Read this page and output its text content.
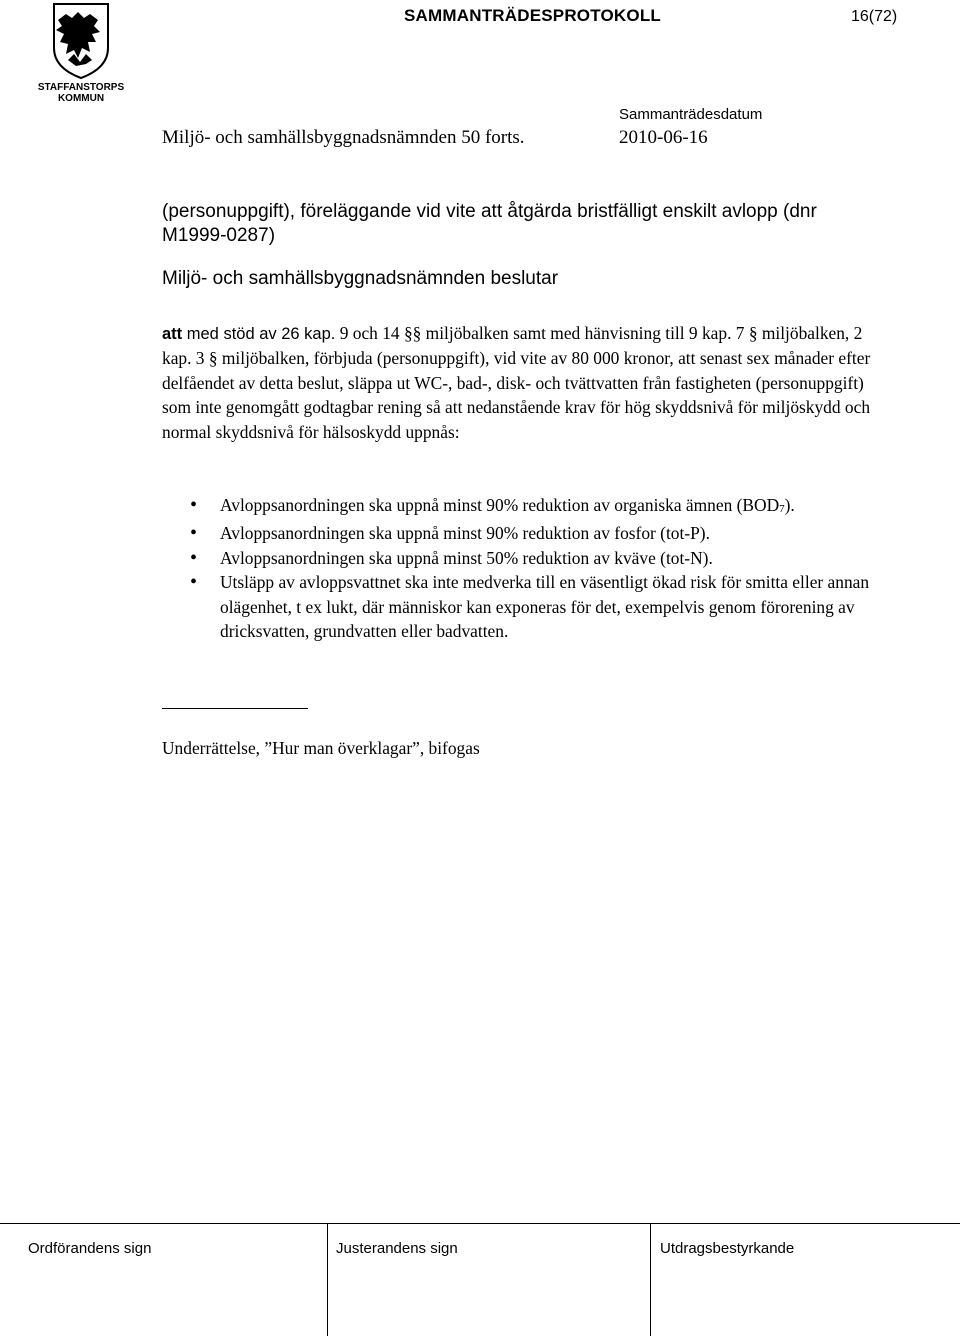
STAFFANSTORPS
KOMMUN
SAMMANTRÄDESPROTOKOLL	16(72)
Sammanträdesdatum
Miljö- och samhällsbyggnadsnämnden 50 forts.	2010-06-16
(personuppgift), föreläggande vid vite att åtgärda bristfälligt enskilt avlopp (dnr M1999-0287)
Miljö- och samhällsbyggnadsnämnden beslutar
att med stöd av 26 kap. 9 och 14 §§ miljöbalken samt med hänvisning till 9 kap. 7 § miljöbalken, 2 kap. 3 § miljöbalken, förbjuda (personuppgift), vid vite av 80 000 kronor, att senast sex månader efter delfåendet av detta beslut, släppa ut WC-, bad-, disk- och tvättvatten från fastigheten (personuppgift) som inte genomgått godtagbar rening så att nedanstående krav för hög skyddsnivå för miljöskydd och normal skyddsnivå för hälsoskydd uppnås:
• Avloppsanordningen ska uppnå minst 90% reduktion av organiska ämnen (BOD7).
• Avloppsanordningen ska uppnå minst 90% reduktion av fosfor (tot-P).
• Avloppsanordningen ska uppnå minst 50% reduktion av kväve (tot-N).
• Utsläpp av avloppsvattnet ska inte medverka till en väsentligt ökad risk för smitta eller annan olägenhet, t ex lukt, där människor kan exponeras för det, exempelvis genom förorening av dricksvatten, grundvatten eller badvatten.
Underrättelse, ”Hur man överklagar”, bifogas
Ordförandens sign	Justerandens sign	Utdragsbestyrkande
